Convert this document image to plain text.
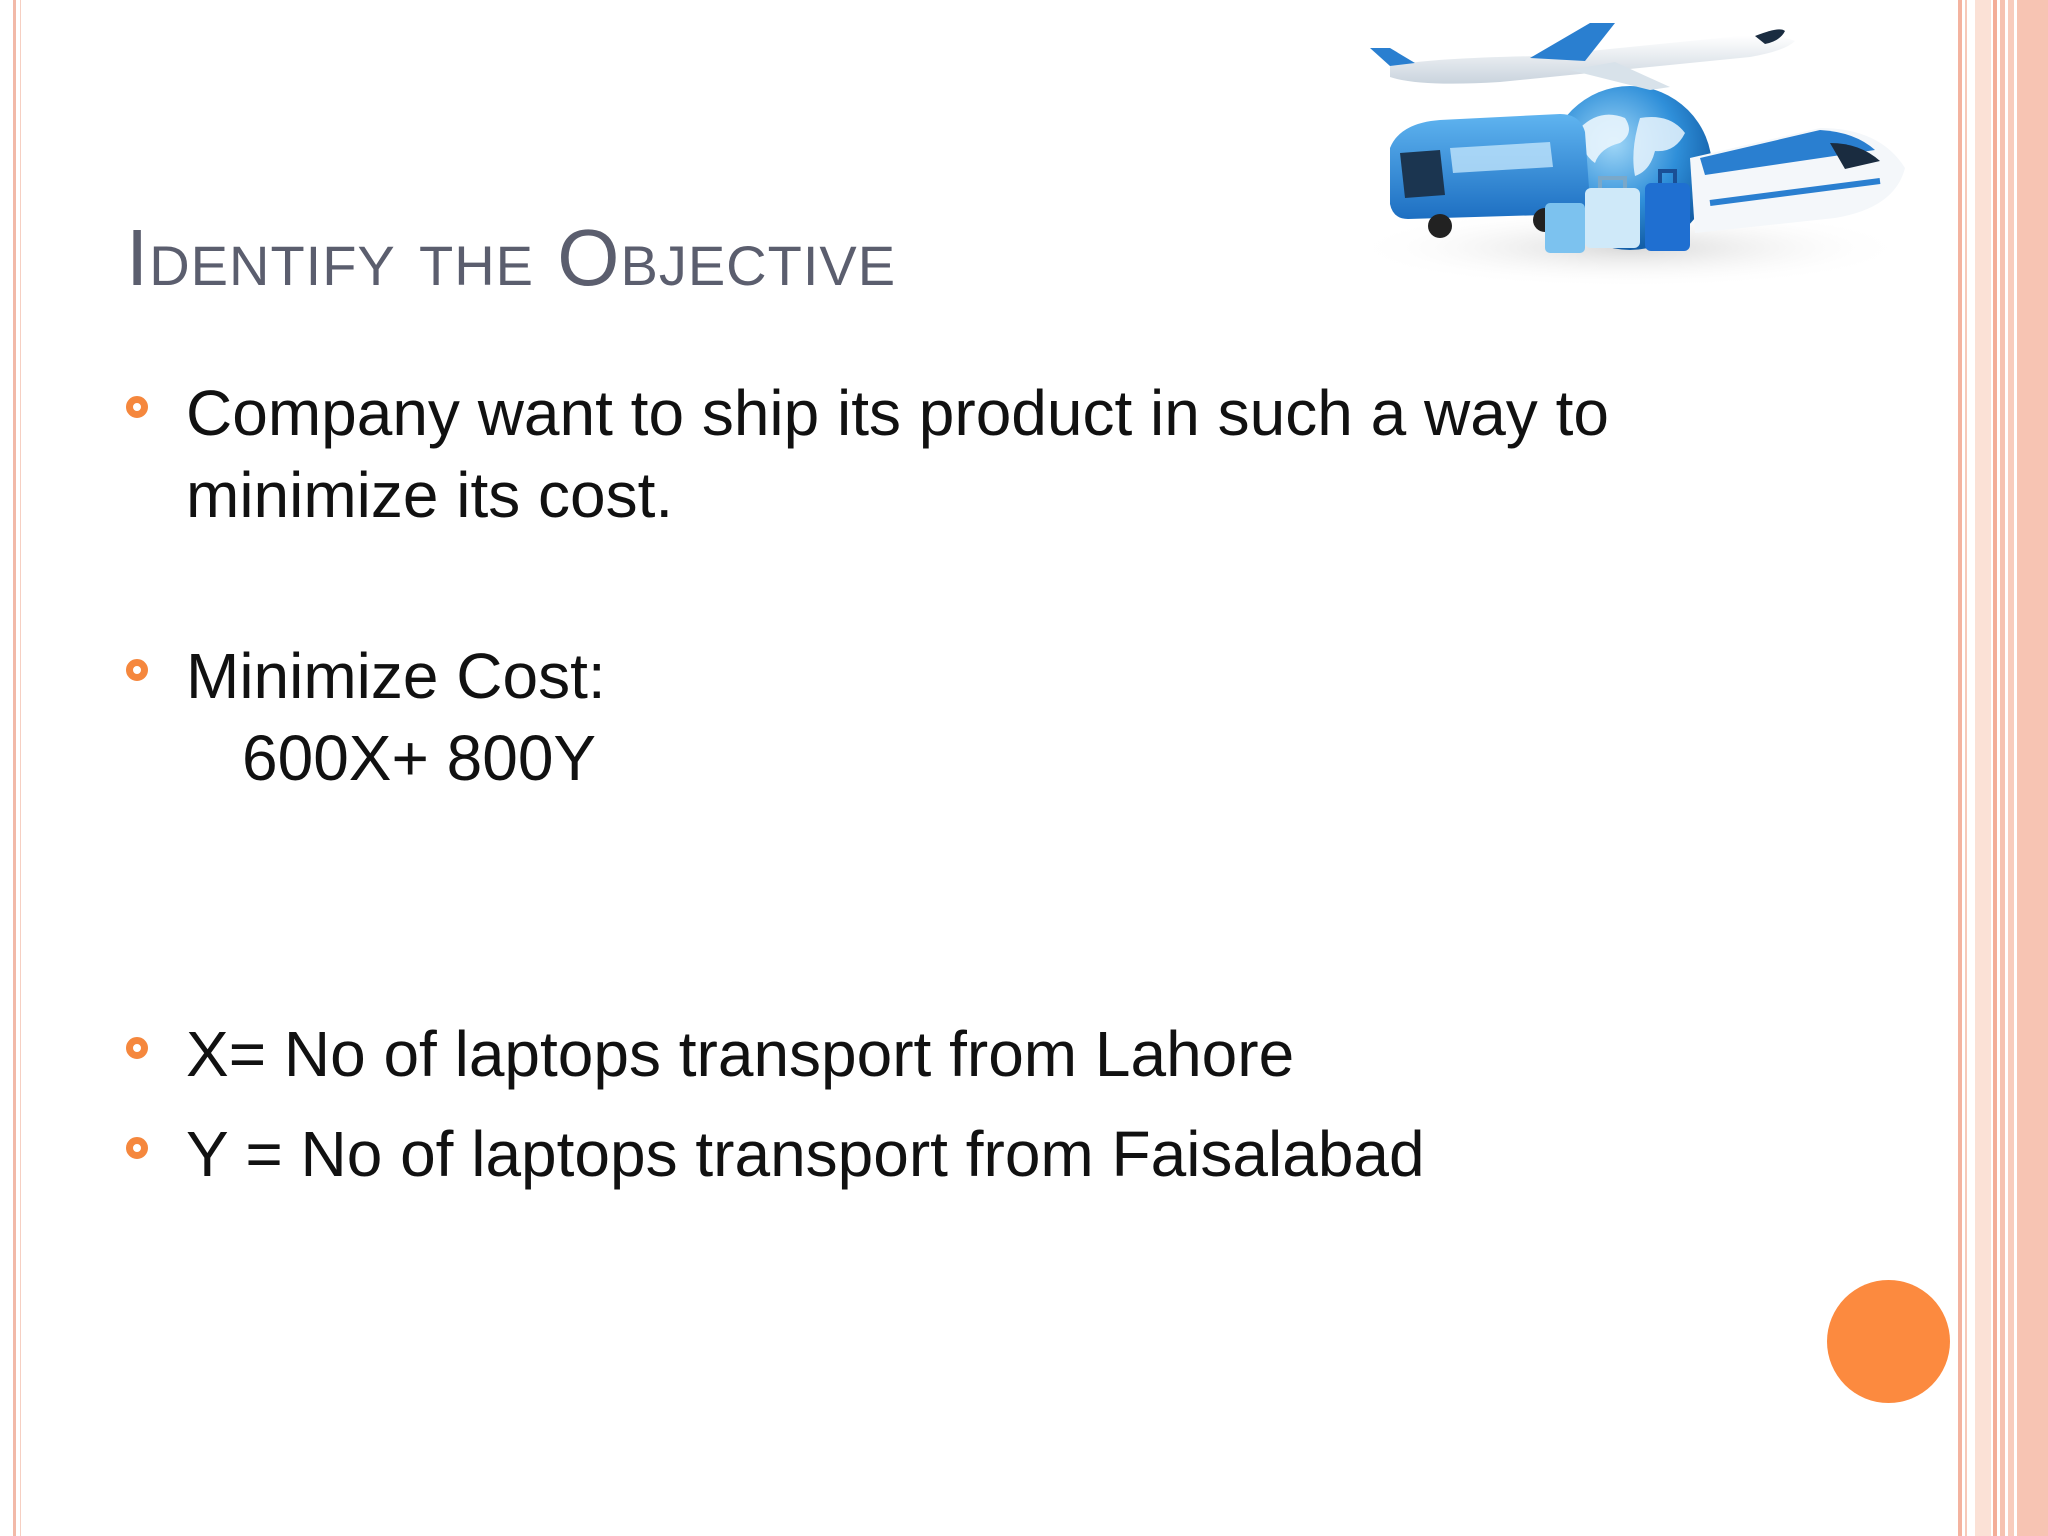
Identify the Objective
Company want to ship its product in such a way to
minimize its cost.
Minimize Cost:
600X+ 800Y
X= No of laptops transport from Lahore
Y = No of laptops transport from Faisalabad
